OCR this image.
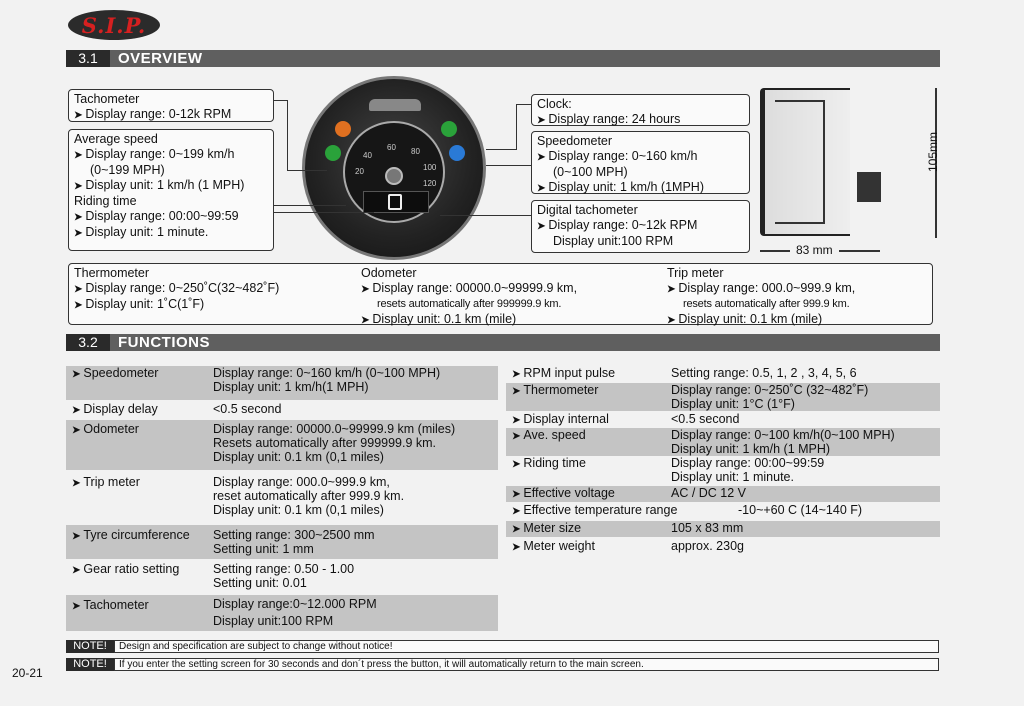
S.I.P.
3.1	OVERVIEW
Tachometer
➤ Display range: 0-12k RPM
Average speed
➤ Display range: 0~199 km/h
(0~199 MPH)
➤ Display unit: 1 km/h (1 MPH)
Riding time
➤ Display range: 00:00~99:59
➤ Display unit: 1 minute.
20
40
60 80
100
120
Clock:
➤ Display range: 24 hours
Speedometer
➤ Display range: 0~160 km/h
(0~100 MPH)
➤ Display unit: 1 km/h (1MPH)
Digital tachometer
➤ Display range: 0~12k RPM
Display unit:100 RPM
105mm
83 mm
Thermometer
➤ Display range: 0~250˚C(32~482˚F)
➤ Display unit: 1˚C(1˚F)
Odometer
➤ Display range: 00000.0~99999.9 km,
resets automatically after 999999.9 km.
➤ Display unit: 0.1 km (mile)
Trip meter
➤ Display range: 000.0~999.9 km,
resets automatically after 999.9 km.
➤ Display unit: 0.1 km (mile)
3.2	FUNCTIONS
➤ Speedometer	Display range: 0~160 km/h (0~100 MPH)
Display unit: 1 km/h(1 MPH)
➤ Display delay	<0.5 second
➤ Odometer	Display range: 00000.0~99999.9 km (miles)
Resets automatically after 999999.9 km.
Display unit: 0.1 km (0,1 miles)
➤ Trip meter	Display range: 000.0~999.9 km,
reset automatically after 999.9 km.
Display unit: 0.1 km (0,1 miles)
➤ Tyre circumference Setting range: 300~2500 mm
Setting unit: 1 mm
➤ Gear ratio setting	Setting range: 0.50 - 1.00
Setting unit: 0.01
➤ Tachometer	Display range:0~12.000 RPM
Display unit:100 RPM
➤ RPM input pulse	Setting range: 0.5, 1, 2 , 3, 4, 5, 6
➤ Thermometer	Display range: 0~250˚C (32~482˚F)
Display unit: 1°C (1°F)
➤ Display internal	<0.5 second
➤ Ave. speed	Display range: 0~100 km/h(0~100 MPH)
Display unit: 1 km/h (1 MPH)
➤ Riding time	Display range: 00:00~99:59
Display unit: 1 minute.
➤ Effective voltage	AC / DC 12 V
➤ Effective temperature range	-10~+60 C (14~140 F)
➤ Meter size	105 x 83 mm
➤ Meter weight	approx. 230g
NOTE!	Design and specification are subject to change without notice!
NOTE!	If you enter the setting screen for 30 seconds and don´t press the button, it will automatically return to the main screen.
20-21
